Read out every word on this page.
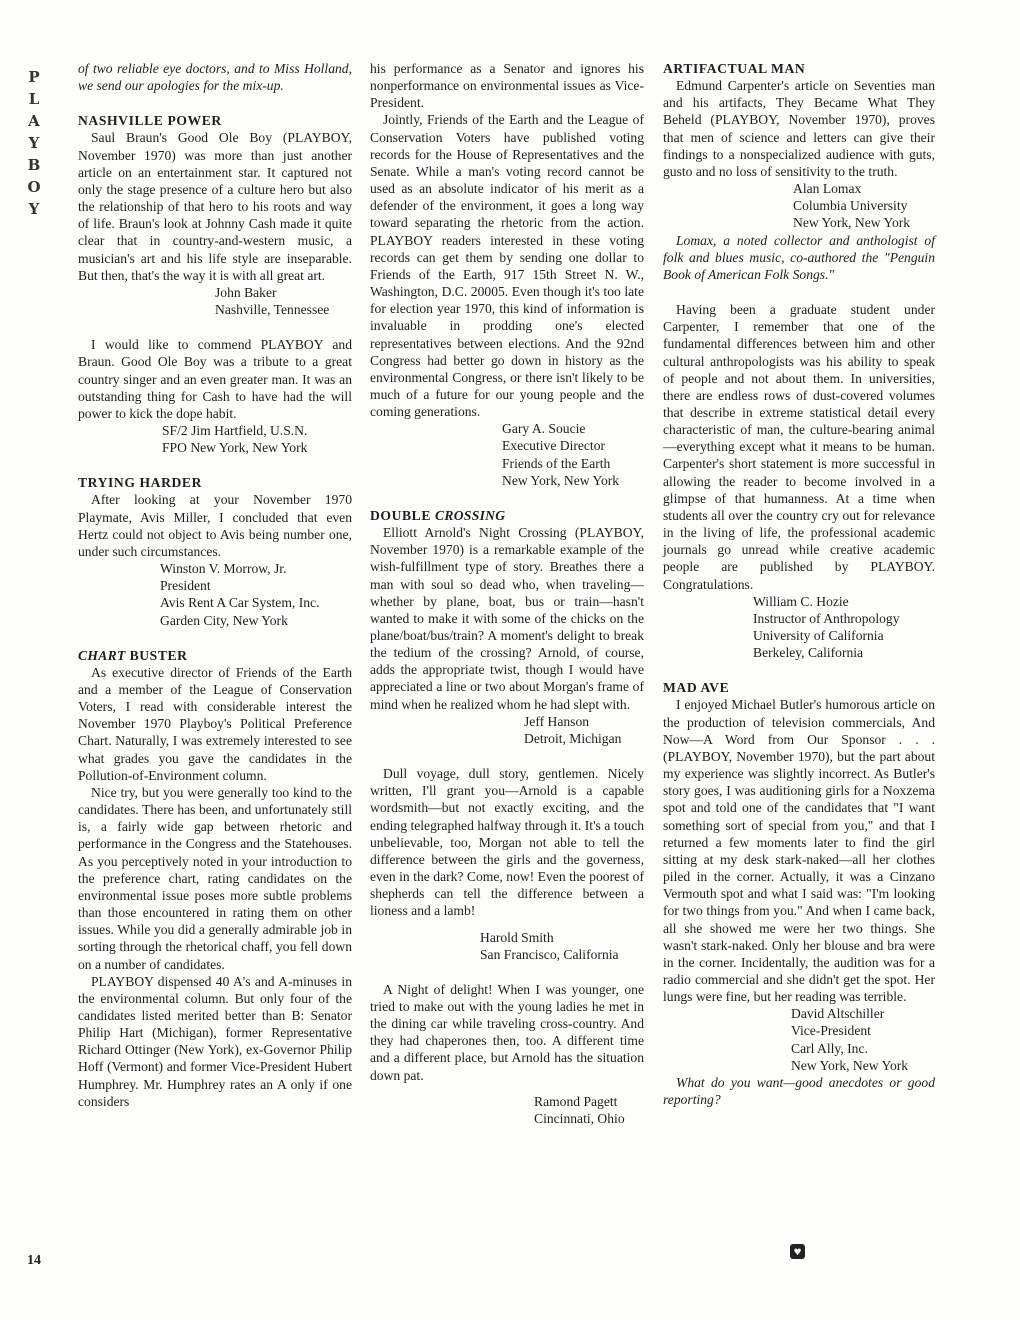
P
L
A
Y
B
O
Y

of two reliable eye doctors, and to Miss Holland, we send our apologies for the mix-up.

NASHVILLE POWER

Saul Braun's Good Ole Boy (PLAYBOY, November 1970) was more than just another article on an entertainment star. It captured not only the stage presence of a culture hero but also the relationship of that hero to his roots and way of life. Braun's look at Johnny Cash made it quite clear that in country-and-western music, a musician's art and his life style are inseparable. But then, that's the way it is with all great art.

John Baker
Nashville, Tennessee

I would like to commend PLAYBOY and Braun. Good Ole Boy was a tribute to a great country singer and an even greater man. It was an outstanding thing for Cash to have had the will power to kick the dope habit.

SF/2 Jim Hartfield, U.S.N.
FPO New York, New York
TRYING HARDER

After looking at your November 1970 Playmate, Avis Miller, I concluded that even Hertz could not object to Avis being number one, under such circumstances.

Winston V. Morrow, Jr.
President
Avis Rent A Car System, Inc.
Garden City, New York
CHART BUSTER

As executive director of Friends of the Earth and a member of the League of Conservation Voters, I read with considerable interest the November 1970 Playboy's Political Preference Chart. Naturally, I was extremely interested to see what grades you gave the candidates in the Pollution-of-Environment column.

Nice try, but you were generally too kind to the candidates. There has been, and unfortunately still is, a fairly wide gap between rhetoric and performance in the Congress and the Statehouses. As you perceptively noted in your introduction to the preference chart, rating candidates on the environmental issue poses more subtle problems than those encountered in rating them on other issues. While you did a generally admirable job in sorting through the rhetorical chaff, you fell down on a number of candidates.

PLAYBOY dispensed 40 A's and A-minuses in the environmental column. But only four of the candidates listed merited better than B: Senator Philip Hart (Michigan), former Representative Richard Ottinger (New York), ex-Governor Philip Hoff (Vermont) and former Vice-President Hubert Humphrey. Mr. Humphrey rates an A only if one considers

his performance as a Senator and ignores his nonperformance on environmental issues as Vice-President.

Jointly, Friends of the Earth and the League of Conservation Voters have published voting records for the House of Representatives and the Senate. While a man's voting record cannot be used as an absolute indicator of his merit as a defender of the environment, it goes a long way toward separating the rhetoric from the action. PLAYBOY readers interested in these voting records can get them by sending one dollar to Friends of the Earth, 917 15th Street N. W., Washington, D.C. 20005. Even though it's too late for election year 1970, this kind of information is invaluable in prodding one's elected representatives between elections. And the 92nd Congress had better go down in history as the environmental Congress, or there isn't likely to be much of a future for our young people and the coming generations.

Gary A. Soucie
Executive Director
Friends of the Earth
New York, New York
DOUBLE CROSSING

Elliott Arnold's Night Crossing (PLAYBOY, November 1970) is a remarkable example of the wish-fulfillment type of story. Breathes there a man with soul so dead who, when traveling—whether by plane, boat, bus or train—hasn't wanted to make it with some of the chicks on the plane/boat/bus/train? A moment's delight to break the tedium of the crossing? Arnold, of course, adds the appropriate twist, though I would have appreciated a line or two about Morgan's frame of mind when he realized whom he had slept with.

Jeff Hanson
Detroit, Michigan

Dull voyage, dull story, gentlemen. Nicely written, I'll grant you—Arnold is a capable wordsmith—but not exactly exciting, and the ending telegraphed halfway through it. It's a touch unbelievable, too, Morgan not able to tell the difference between the girls and the governess, even in the dark? Come, now! Even the poorest of shepherds can tell the difference between a lioness and a lamb!

Harold Smith
San Francisco, California

A Night of delight! When I was younger, one tried to make out with the young ladies he met in the dining car while traveling cross-country. And they had chaperones then, too. A different time and a different place, but Arnold has the situation down pat.

Ramond Pagett
Cincinnati, Ohio
ARTIFACTUAL MAN

Edmund Carpenter's article on Seventies man and his artifacts, They Became What They Beheld (PLAYBOY, November 1970), proves that men of science and letters can give their findings to a nonspecialized audience with guts, gusto and no loss of sensitivity to the truth.

Alan Lomax
Columbia University
New York, New York

Lomax, a noted collector and anthologist of folk and blues music, co-authored the "Penguin Book of American Folk Songs."

Having been a graduate student under Carpenter, I remember that one of the fundamental differences between him and other cultural anthropologists was his ability to speak of people and not about them. In universities, there are endless rows of dust-covered volumes that describe in extreme statistical detail every characteristic of man, the culture-bearing animal—everything except what it means to be human. Carpenter's short statement is more successful in allowing the reader to become involved in a glimpse of that humanness. At a time when students all over the country cry out for relevance in the living of life, the professional academic journals go unread while creative academic people are published by PLAYBOY. Congratulations.

William C. Hozie
Instructor of Anthropology
University of California
Berkeley, California
MAD AVE

I enjoyed Michael Butler's humorous article on the production of television commercials, And Now—A Word from Our Sponsor . . . (PLAYBOY, November 1970), but the part about my experience was slightly incorrect. As Butler's story goes, I was auditioning girls for a Noxzema spot and told one of the candidates that "I want something sort of special from you," and that I returned a few moments later to find the girl sitting at my desk stark-naked—all her clothes piled in the corner. Actually, it was a Cinzano Vermouth spot and what I said was: "I'm looking for two things from you." And when I came back, all she showed me were her two things. She wasn't stark-naked. Only her blouse and bra were in the corner. Incidentally, the audition was for a radio commercial and she didn't get the spot. Her lungs were fine, but her reading was terrible.

David Altschiller
Vice-President
Carl Ally, Inc.
New York, New York

What do you want—good anecdotes or good reporting?

14
♥
